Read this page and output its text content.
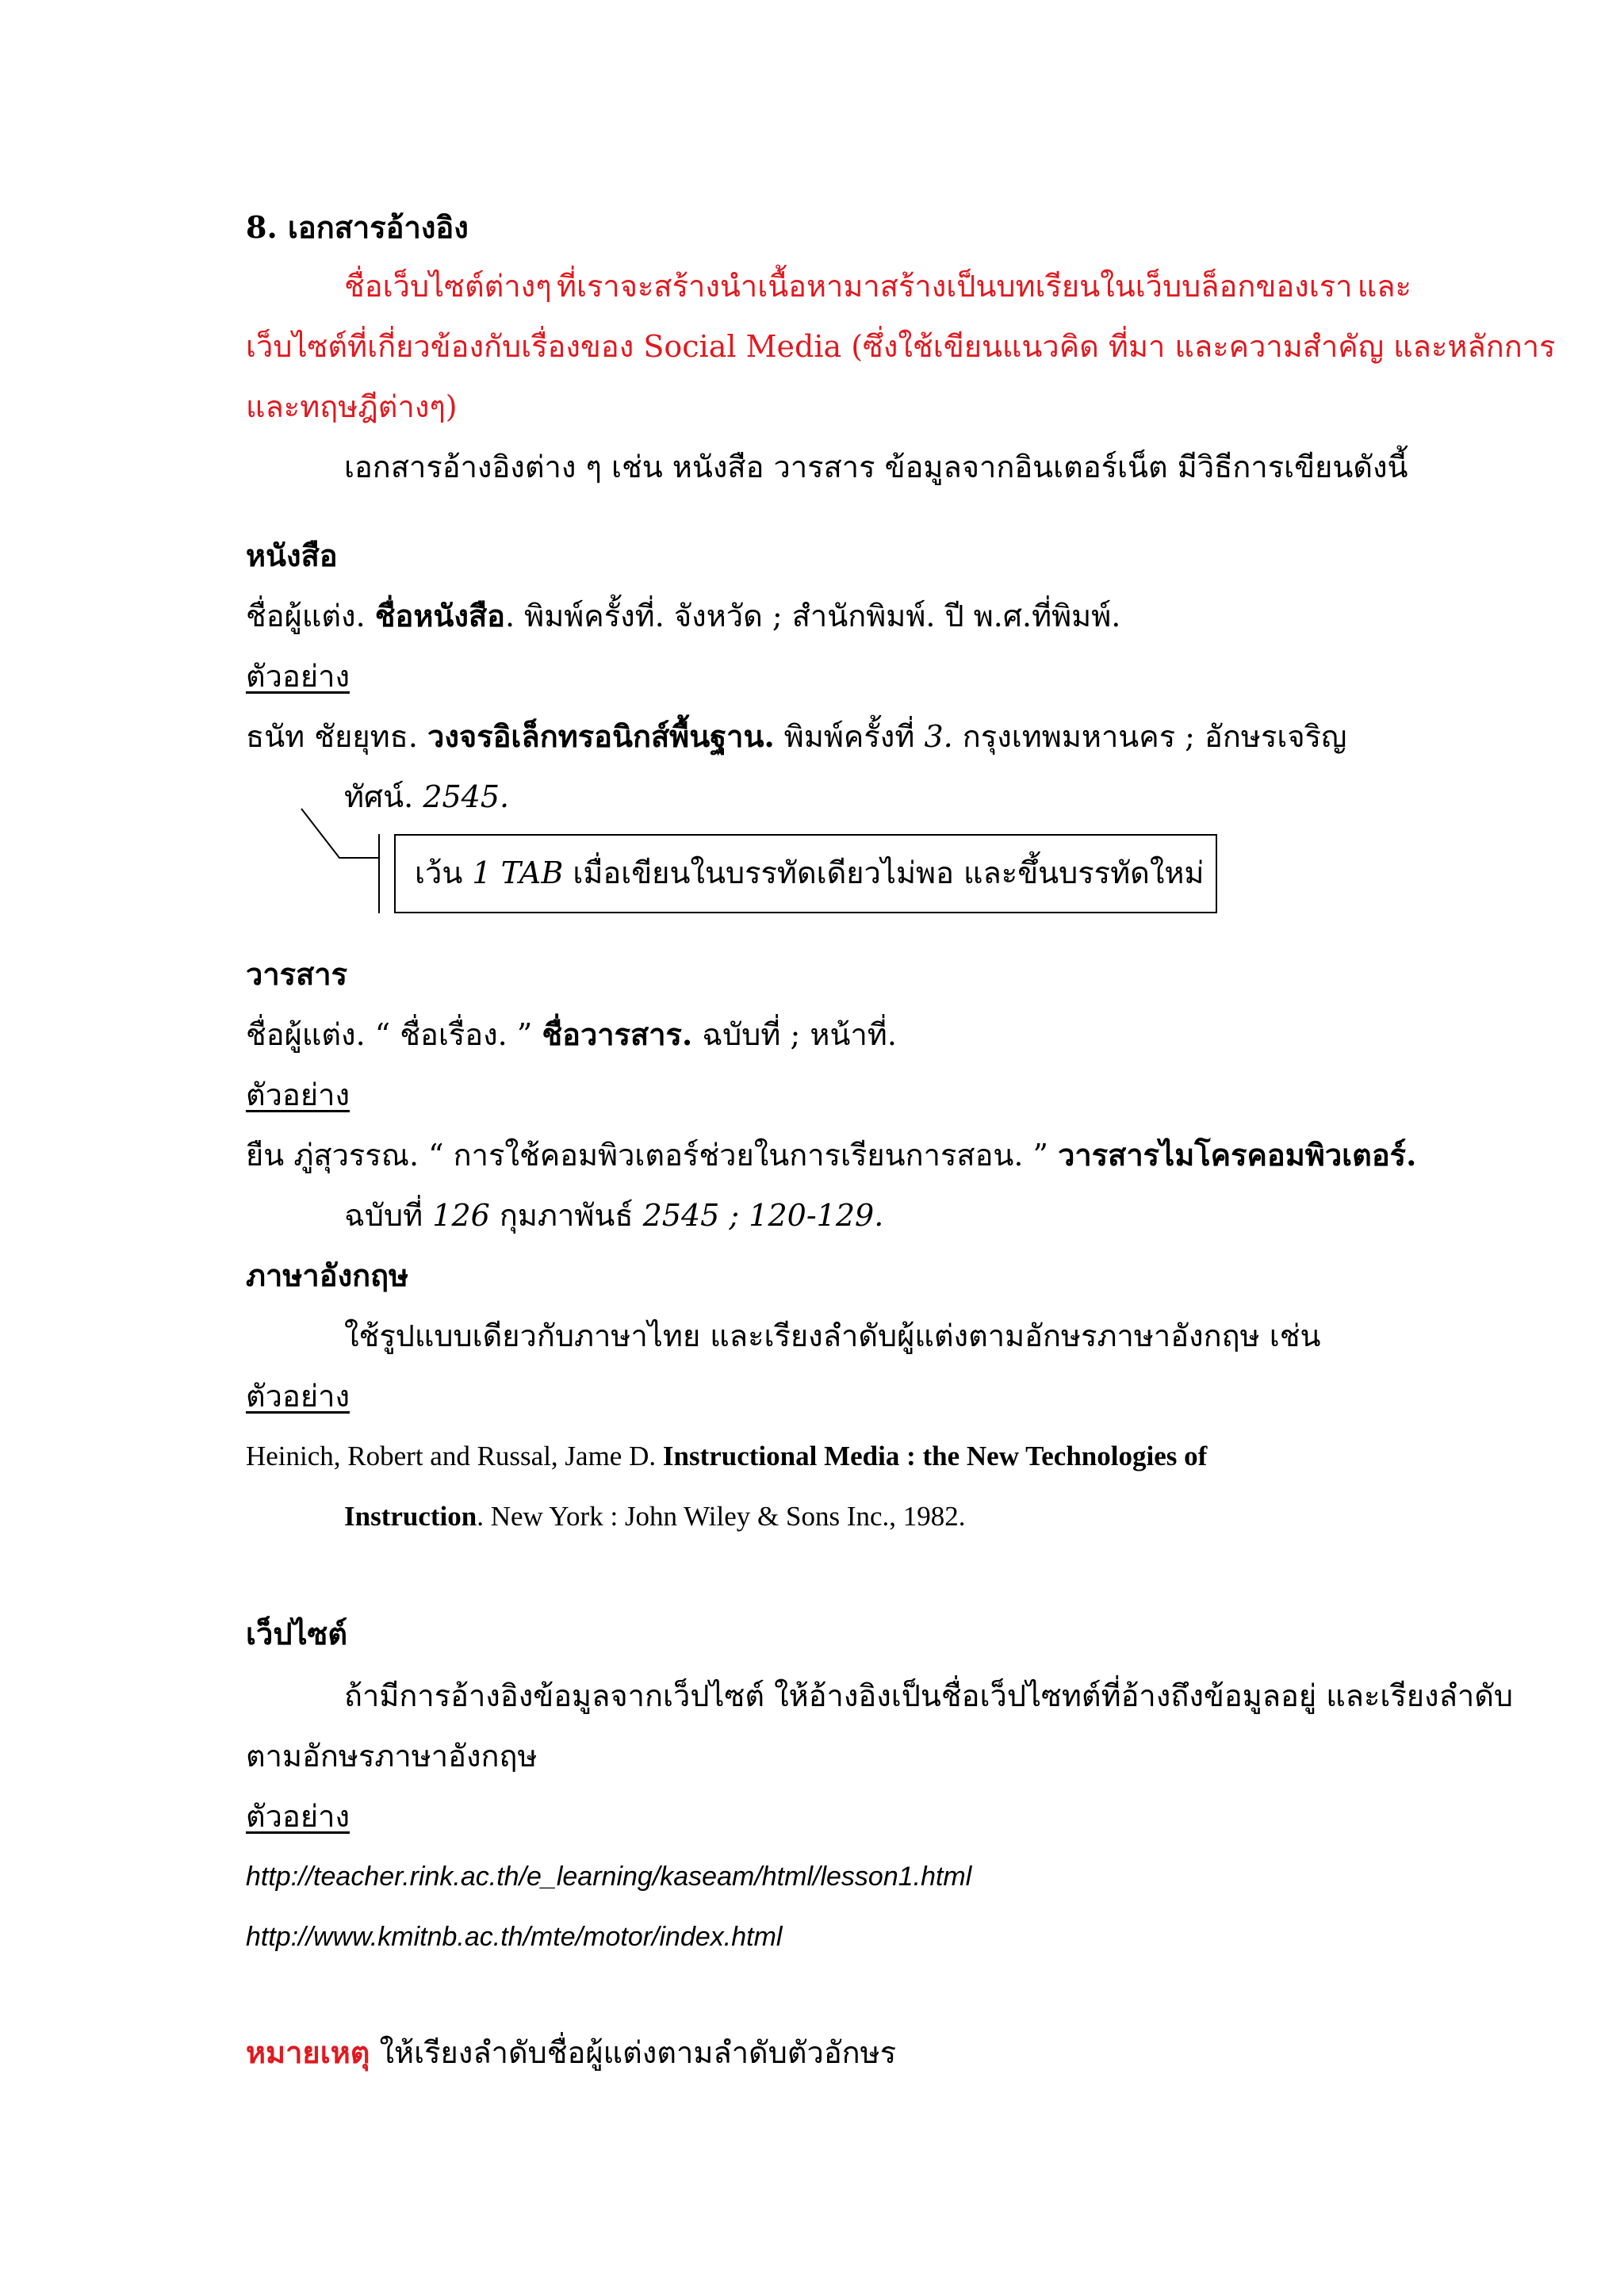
8. เอกสารอ้างอิง
ชื่อเว็บไซต์ต่างๆ ที่เราจะสร้างนำเนื้อหามาสร้างเป็นบทเรียนในเว็บบล็อกของเรา และ
เว็บไซต์ที่เกี่ยวข้องกับเรื่องของ Social Media (ซึ่งใช้เขียนแนวคิด ที่มา และความสำคัญ และหลักการ
และทฤษฎีต่างๆ)
เอกสารอ้างอิงต่าง ๆ เช่น หนังสือ วารสาร ข้อมูลจากอินเตอร์เน็ต มีวิธีการเขียนดังนี้
หนังสือ
ชื่อผู้แต่ง. ชื่อหนังสือ. พิมพ์ครั้งที่. จังหวัด ; สำนักพิมพ์. ปี พ.ศ.ที่พิมพ์.
ตัวอย่าง
ธนัท ชัยยุทธ. วงจรอิเล็กทรอนิกส์พื้นฐาน. พิมพ์ครั้งที่ 3. กรุงเทพมหานคร ; อักษรเจริญ
ทัศน์. 2545.
เว้น 1 TAB เมื่อเขียนในบรรทัดเดียวไม่พอ และขึ้นบรรทัดใหม่
วารสาร
ชื่อผู้แต่ง. “ ชื่อเรื่อง. ” ชื่อวารสาร. ฉบับที่ ; หน้าที่.
ตัวอย่าง
ยืน ภู่สุวรรณ. “ การใช้คอมพิวเตอร์ช่วยในการเรียนการสอน. ” วารสารไมโครคอมพิวเตอร์.
ฉบับที่ 126 กุมภาพันธ์ 2545 ; 120-129.
ภาษาอังกฤษ
ใช้รูปแบบเดียวกับภาษาไทย และเรียงลำดับผู้แต่งตามอักษรภาษาอังกฤษ เช่น
ตัวอย่าง
Heinich, Robert and Russal, Jame D. Instructional Media : the New Technologies of
Instruction. New York : John Wiley & Sons Inc., 1982.
เว็ปไซต์
ถ้ามีการอ้างอิงข้อมูลจากเว็ปไซต์ ให้อ้างอิงเป็นชื่อเว็ปไซทต์ที่อ้างถึงข้อมูลอยู่ และเรียงลำดับ
ตามอักษรภาษาอังกฤษ
ตัวอย่าง
http://teacher.rink.ac.th/e_learning/kaseam/html/lesson1.html
http://www.kmitnb.ac.th/mte/motor/index.html
หมายเหตุ ให้เรียงลำดับชื่อผู้แต่งตามลำดับตัวอักษร
